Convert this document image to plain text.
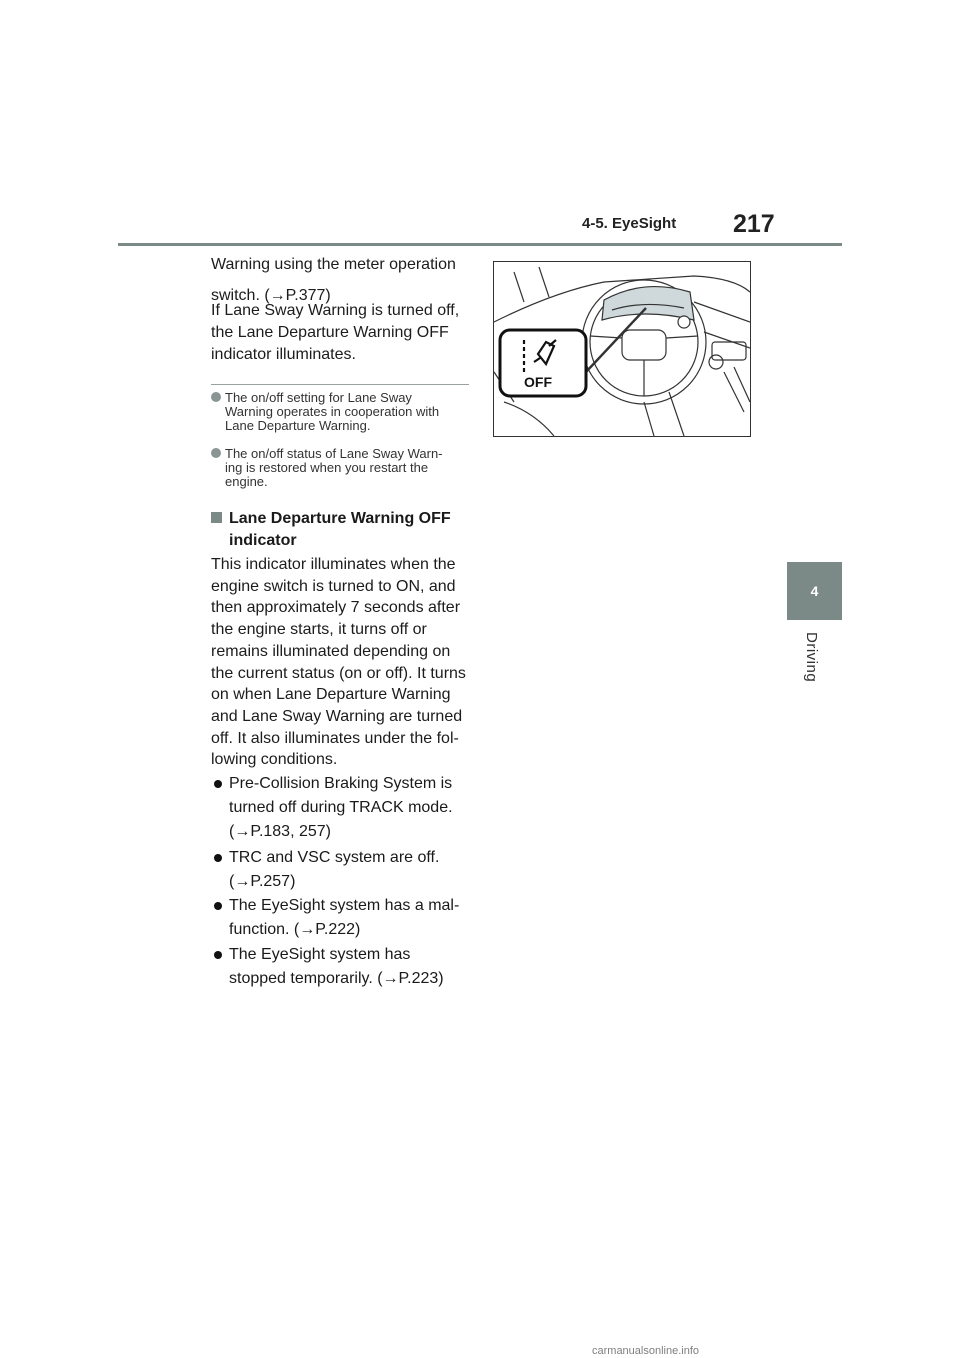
4-5. EyeSight 217
4
Driving

Warning using the meter operation

switch. (→P.377)

If Lane Sway Warning is turned off,

the Lane Departure Warning OFF

indicator illuminates.

The on/off setting for Lane Sway
Warning operates in cooperation with
Lane Departure Warning.
The on/off status of Lane Sway Warn-
ing is restored when you restart the
engine.
Lane Departure Warning OFF
indicator

This indicator illuminates when the

engine switch is turned to ON, and

then approximately 7 seconds after

the engine starts, it turns off or

remains illuminated depending on

the current status (on or off). It turns

on when Lane Departure Warning

and Lane Sway Warning are turned

off. It also illuminates under the fol-

lowing conditions.

Pre-Collision Braking System is
turned off during TRACK mode.
(→P.183, 257)
TRC and VSC system are off.
(→P.257)
The EyeSight system has a mal-
function. (→P.222)
The EyeSight system has
stopped temporarily. (→P.223)
OFF
carmanualsonline.info
